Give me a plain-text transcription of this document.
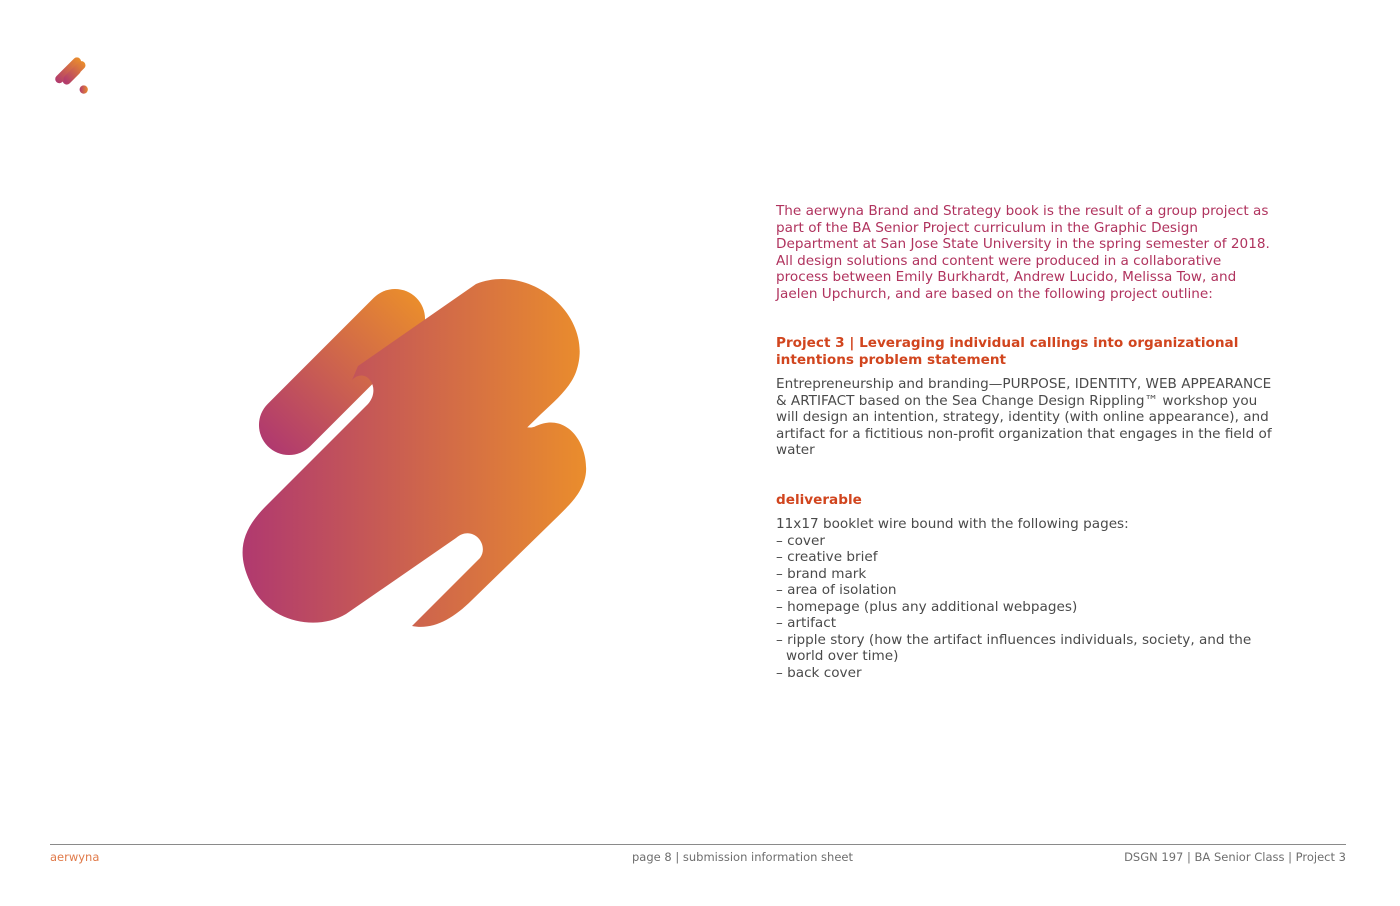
The aerwyna Brand and Strategy book is the result of a group project as part of the BA Senior Project curriculum in the Graphic Design Department at San Jose State University in the spring semester of 2018. All design solutions and content were produced in a collaborative process between Emily Burkhardt, Andrew Lucido, Melissa Tow, and Jaelen Upchurch, and are based on the following project outline:

Project 3 | Leveraging individual callings into organizational intentions problem statement

Entrepreneurship and branding—PURPOSE, IDENTITY, WEB APPEARANCE & ARTIFACT based on the Sea Change Design Rippling™ workshop you will design an intention, strategy, identity (with online appearance), and artifact for a fictitious non-profit organization that engages in the field of water

deliverable

11x17 booklet wire bound with the following pages:

– cover
– creative brief
– brand mark
– area of isolation
– homepage (plus any additional webpages)
– artifact
– ripple story (how the artifact influences individuals, society, and the world over time)
– back cover
aerwyna	page 8 | submission information sheet	DSGN 197 | BA Senior Class | Project 3
